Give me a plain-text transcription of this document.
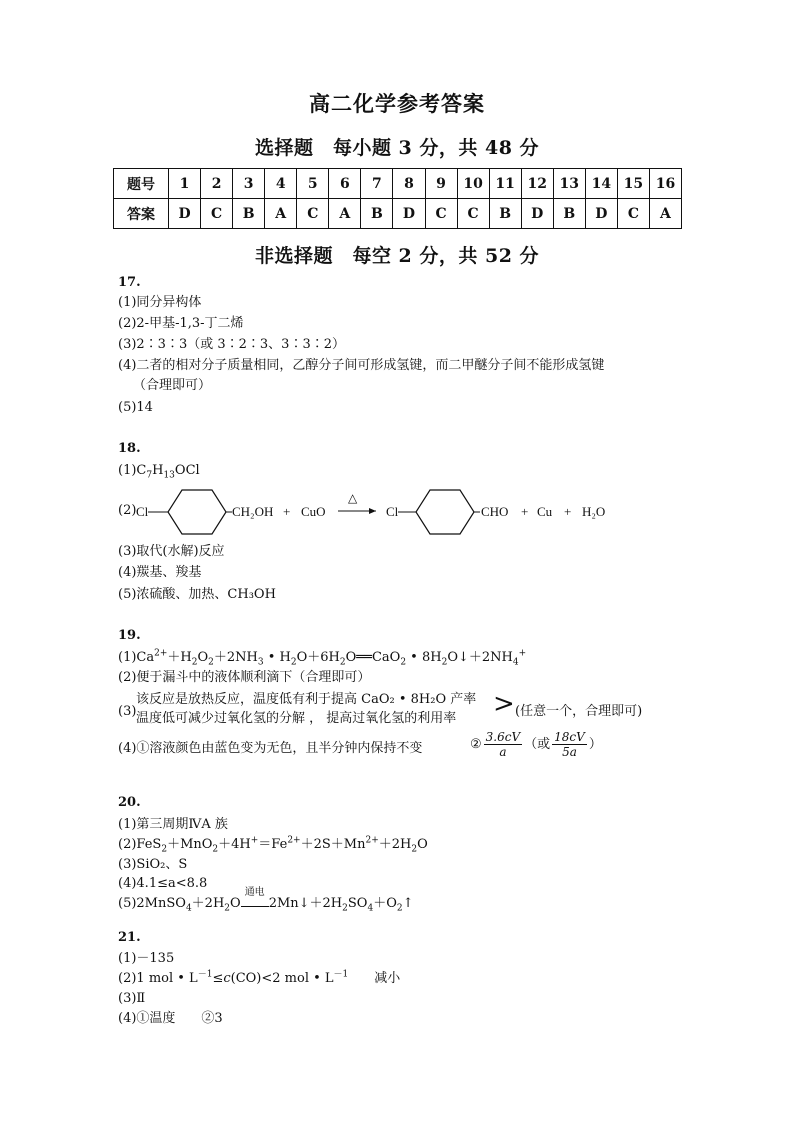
高二化学参考答案
选择题　每小题 3 分，共 48 分
题号	1	2	3	4	5	6	7	8	9	10	11	12	13	14	15	16
答案	D	C	B	A	C	A	B	D	C	C	B	D	B	D	C	A
非选择题　每空 2 分，共 52 分
17.
(1)同分异构体
(2)2-甲基-1,3-丁二烯
(3)2∶3∶3（或 3∶2∶3、3∶3∶2）
(4)二者的相对分子质量相同，乙醇分子间可形成氢键，而二甲醚分子间不能形成氢键
（合理即可）
(5)14
18.
$(1)C_7H_{13}OCl$
(2) Cl	CH₂OH + CuO
△
Cl	CHO + Cu + H₂O
(3)取代(水解)反应
(4)羰基、羧基
(5)浓硫酸、加热、CH₃OH
19.
$(1)Ca^{2+}+H_2O_2+2NH_3$ • $H_2O+6H_2O══CaO_2$ • $8H_2O↓+2NH_4^+$
(2)便于漏斗中的液体顺利滴下（合理即可）
(3)
该反应是放热反应，温度低有利于提高 CaO₂ • 8H₂O 产率
温度低可减少过氧化氢的分解 ， 提高过氧化氢的利用率 > (任意一个，合理即可)
(4)①溶液颜色由蓝色变为无色，且半分钟内保持不变	② $\frac{3.6cV}{a}$ （或 $\frac{18cV}{5a}$ ）
20.
(1)第三周期ⅣA 族
$(2)FeS_2+MnO_2+4H^+=Fe^{2+}+2S+Mn^{2+}+2H_2O$
(3)SiO₂、S
(4)4.1≤a<8.8
$(5)2MnSO_4+2H_2O$
通电
$2Mn↓+2H_2SO_4+O_2↑$
21.
(1)－135
(2)1 mol • $L^{-1}\le c(CO)<2$ mol • $L^{-1}$　　 减小
(3)Ⅱ
(4)①温度　　②3
